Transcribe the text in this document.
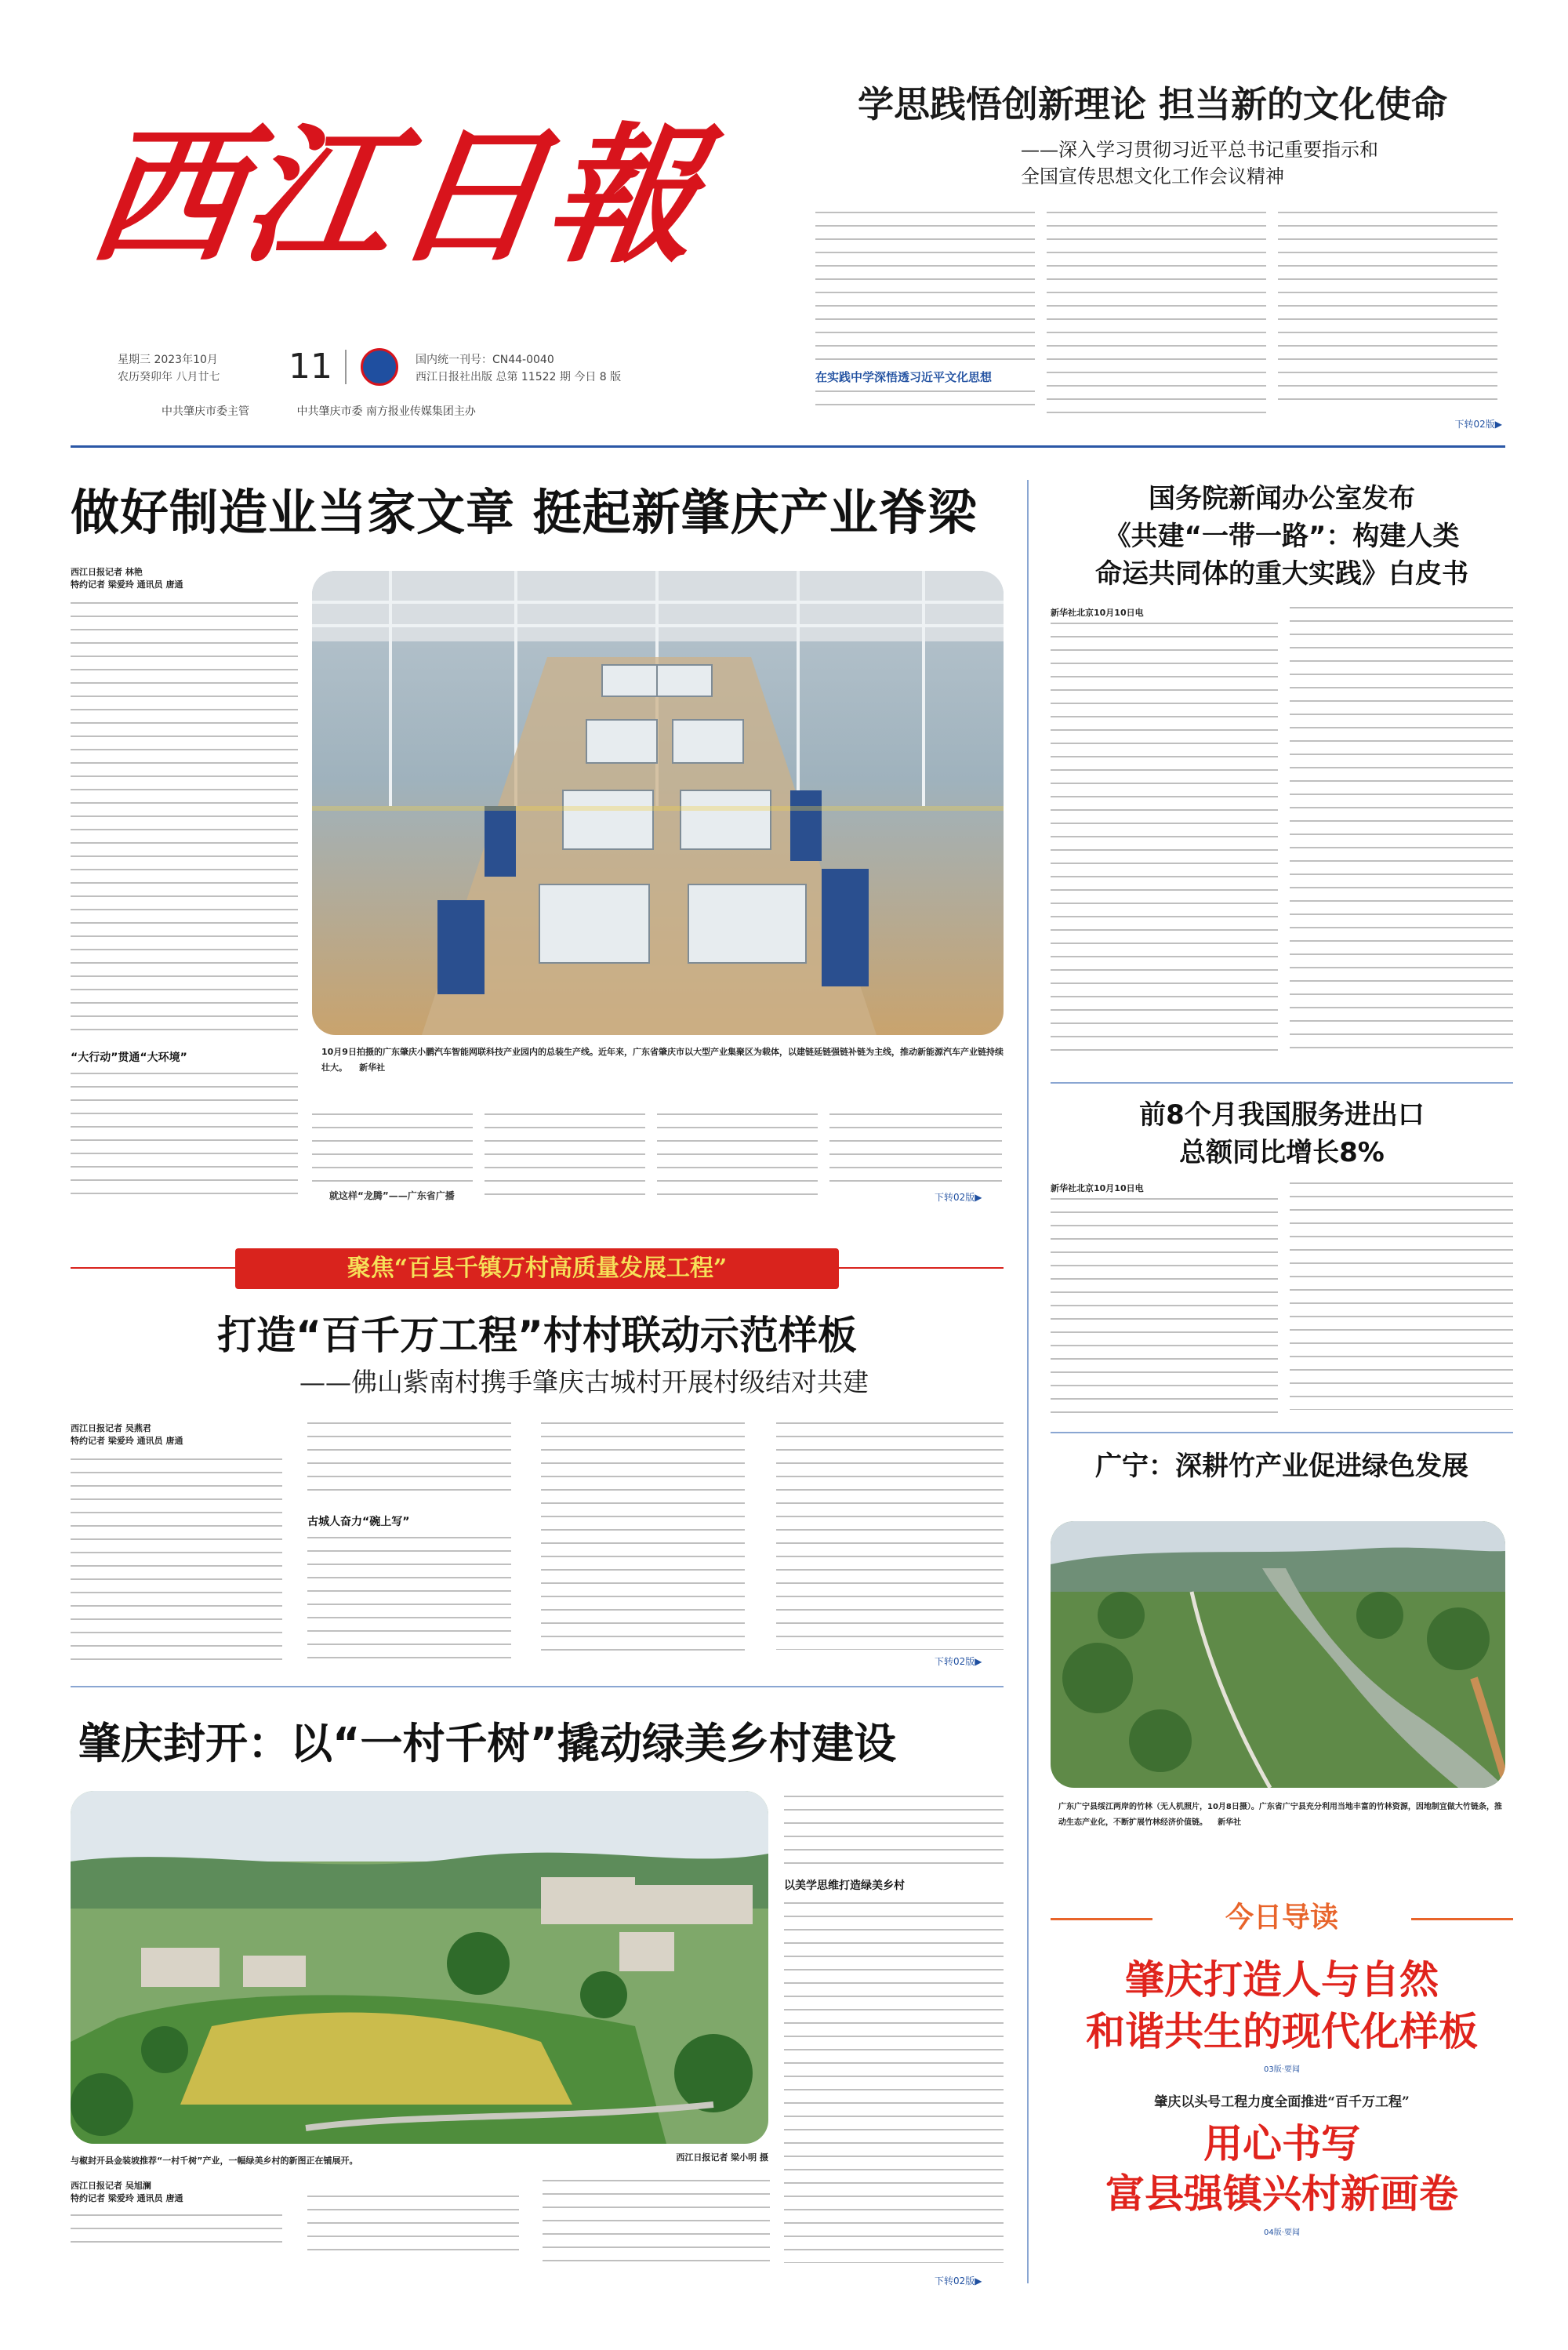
西江日報
星期三 2023年10月
农历癸卯年 八月廿七 11	国内统一刊号：CN44-0040
西江日报社出版 总第 11522 期 今日 8 版
中共肇庆市委主管	中共肇庆市委 南方报业传媒集团主办
学思践悟创新理论 担当新的文化使命
——深入学习贯彻习近平总书记重要指示和
全国宣传思想文化工作会议精神
在实践中学深悟透习近平文化思想
下转02版▶
做好制造业当家文章 挺起新肇庆产业脊梁
西江日报记者 林艳
特约记者 梁爱玲 通讯员 唐通
“大行动”贯通“大环境”	10月9日拍摄的广东肇庆小鹏汽车智能网联科技产业园内的总装生产线。近年来，广东省肇庆市以大型产业集聚区为载体，以建链延链强链补链为主线，推动新能源汽车产业链持续壮大。 新华社
就这样“龙腾”——广东省广播	下转02版▶
聚焦“百县千镇万村高质量发展工程”
打造“百千万工程”村村联动示范样板
——佛山紫南村携手肇庆古城村开展村级结对共建
西江日报记者 吴燕君
特约记者 梁爱玲 通讯员 唐通
古城人奋力“碗上写”
下转02版▶
肇庆封开：以“一村千树”撬动绿美乡村建设
与椒封开县金装坡推荐“一村千树”产业，一幅绿美乡村的新图正在铺展开。	西江日报记者 梁小明 摄
西江日报记者 吴旭澜
特约记者 梁爱玲 通讯员 唐通
以美学思维打造绿美乡村
下转02版▶
国务院新闻办公室发布
《共建“一带一路”：构建人类
命运共同体的重大实践》白皮书
新华社北京10月10日电
前8个月我国服务进出口
总额同比增长8%
新华社北京10月10日电
广宁：深耕竹产业促进绿色发展
广东广宁县绥江两岸的竹林（无人机照片，10月8日摄）。广东省广宁县充分利用当地丰富的竹林资源，因地制宜做大竹链条，推动生态产业化，不断扩展竹林经济价值链。 新华社
今日导读
肇庆打造人与自然
和谐共生的现代化样板
03版·要闻
肇庆以头号工程力度全面推进“百千万工程”
用心书写
富县强镇兴村新画卷
04版·要闻
